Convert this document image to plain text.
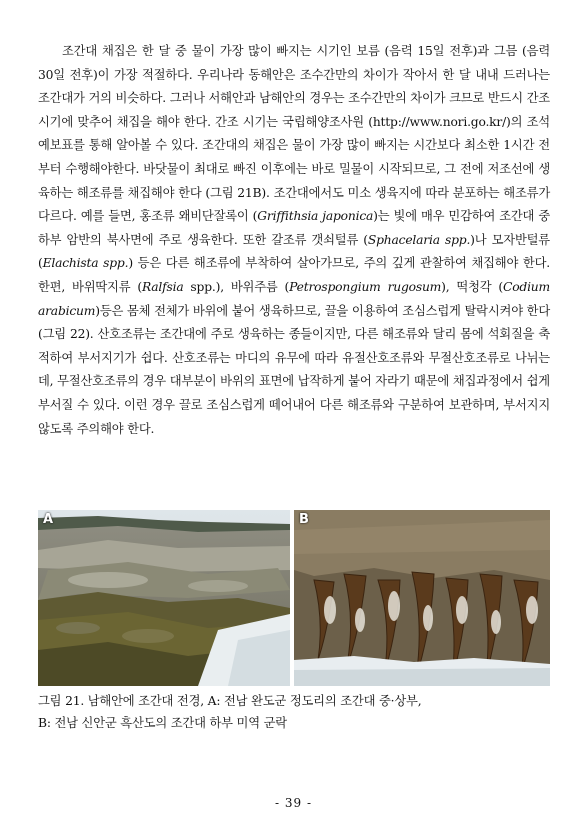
조간대 채집은 한 달 중 물이 가장 많이 빠지는 시기인 보름 (음력 15일 전후)과 그믐 (음력 30일 전후)이 가장 적절하다. 우리나라 동해안은 조수간만의 차이가 작아서 한 달 내내 드러나는 조간대가 거의 비슷하다. 그러나 서해안과 남해안의 경우는 조수간만의 차이가 크므로 반드시 간조시기에 맞추어 채집을 해야 한다. 간조 시기는 국립해양조사원 (http://www.nori.go.kr/)의 조석 예보표를 통해 알아볼 수 있다. 조간대의 채집은 물이 가장 많이 빠지는 시간보다 최소한 1시간 전부터 수행해야한다. 바닷물이 최대로 빠진 이후에는 바로 밀물이 시작되므로, 그 전에 저조선에 생육하는 해조류를 채집해야 한다 (그림 21B). 조간대에서도 미소 생육지에 따라 분포하는 해조류가 다르다. 예를 들면, 홍조류 왜비단잘록이 (Griffithsia japonica)는 빛에 매우 민감하여 조간대 중하부 암반의 북사면에 주로 생육한다. 또한 갈조류 갯쇠털류 (Sphacelaria spp.)나 모자반털류 (Elachista spp.) 등은 다른 해조류에 부착하여 살아가므로, 주의 깊게 관찰하여 채집해야 한다. 한편, 바위딱지류 (Ralfsia spp.), 바위주름 (Petrospongium rugosum), 떡청각 (Codium arabicum)등은 몸체 전체가 바위에 붙어 생육하므로, 끌을 이용하여 조심스럽게 탈락시켜야 한다 (그림 22). 산호조류는 조간대에 주로 생육하는 종들이지만, 다른 해조류와 달리 몸에 석회질을 축적하여 부서지기가 쉽다. 산호조류는 마디의 유무에 따라 유절산호조류와 무절산호조류로 나뉘는데, 무절산호조류의 경우 대부분이 바위의 표면에 납작하게 붙어 자라기 때문에 채집과정에서 쉽게 부서질 수 있다. 이런 경우 끌로 조심스럽게 떼어내어 다른 해조류와 구분하여 보관하며, 부서지지 않도록 주의해야 한다.

A	B
그림 21. 남해안에 조간대 전경, A: 전남 완도군 정도리의 조간대 중·상부,
B: 전남 신안군 흑산도의 조간대 하부 미역 군락
- 39 -
